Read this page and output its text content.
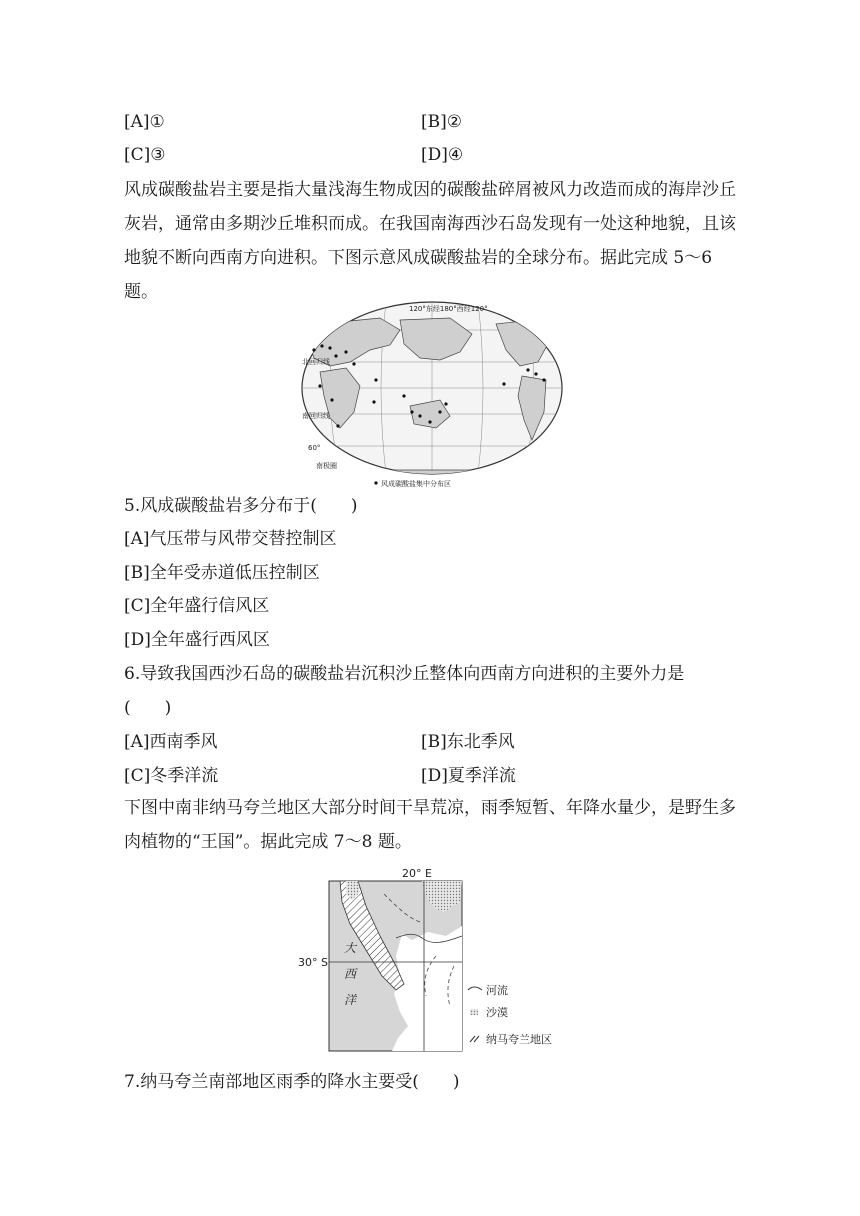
[A]①	[B]②
[C]③	[D]④
风成碳酸盐岩主要是指大量浅海生物成因的碳酸盐碎屑被风力改造而成的海岸沙丘灰岩，通常由多期沙丘堆积而成。在我国南海西沙石岛发现有一处这种地貌，且该地貌不断向西南方向进积。下图示意风成碳酸盐岩的全球分布。据此完成 5～6 题。
120°东经180°西经120°
北回归线
南回归线
60°
南极圈
风成碳酸盐集中分布区
5.风成碳酸盐岩多分布于(　　)
[A]气压带与风带交替控制区
[B]全年受赤道低压控制区
[C]全年盛行信风区
[D]全年盛行西风区
6.导致我国西沙石岛的碳酸盐岩沉积沙丘整体向西南方向进积的主要外力是
(　　)
[A]西南季风	[B]东北季风
[C]冬季洋流	[D]夏季洋流
下图中南非纳马夸兰地区大部分时间干旱荒凉，雨季短暂、年降水量少，是野生多肉植物的“王国”。据此完成 7～8 题。
20° E
30° S
大
西
洋
河流
沙漠
纳马夸兰地区
7.纳马夸兰南部地区雨季的降水主要受(　　)
